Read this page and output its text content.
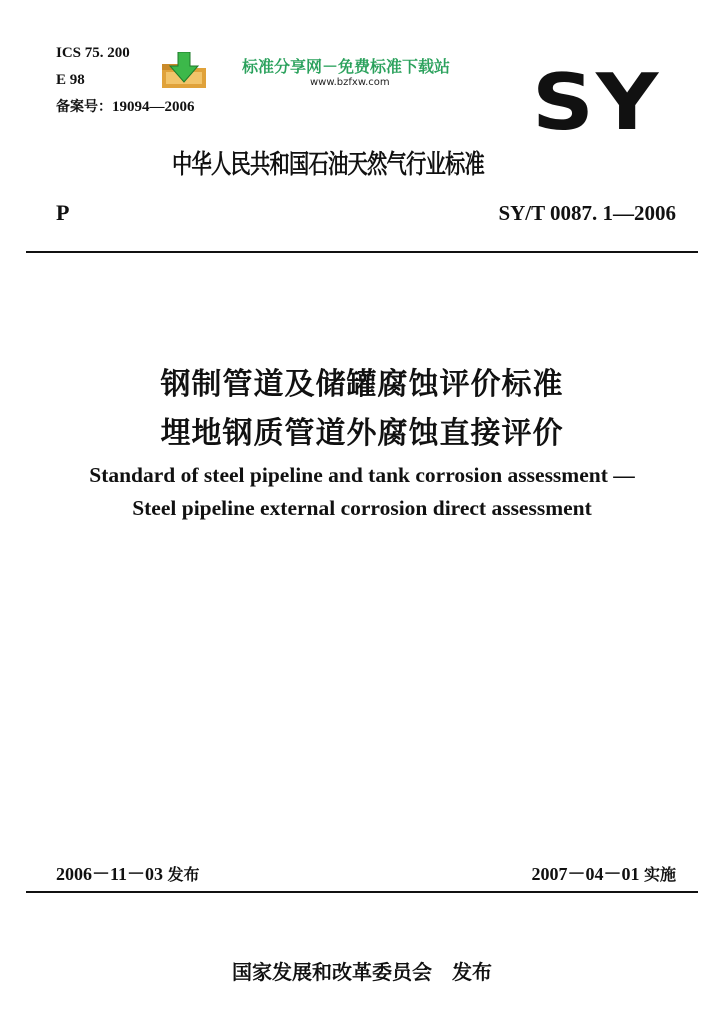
ICS 75. 200
E 98
备案号：19094—2006
标准分享网－免费标准下载站
www.bzfxw.com SY
中华人民共和国石油天然气行业标准
P	SY/T 0087. 1—2006
钢制管道及储罐腐蚀评价标准
埋地钢质管道外腐蚀直接评价
Standard of steel pipeline and tank corrosion assessment —
Steel pipeline external corrosion direct assessment
2006－11－03 发布	2007－04－01 实施
国家发展和改革委员会　发布
